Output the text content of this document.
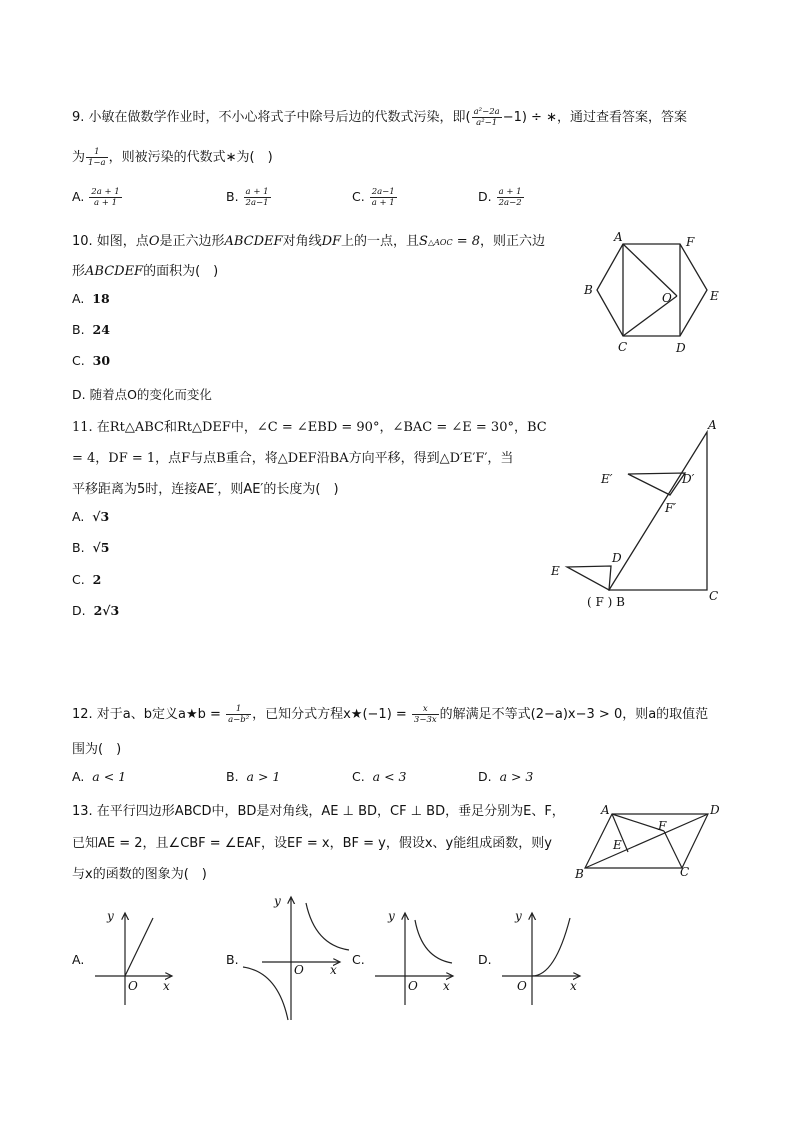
9. 小敏在做数学作业时，不小心将式子中除号后边的代数式污染，即( $\frac{\text{a²−2a}}{\text{a²−1}} -1$) ÷ ∗，通过查看答案，答案
为 $\frac{1}{1-a}$ ，则被污染的代数式∗为(　)
A. $\frac{2a + 1}{a + 1}$	B. $\frac{a + 1}{2a-1}$	C. $\frac{2a-1}{a + 1}$	D. $\frac{a + 1}{2a-2}$
10. 如图，点O是正六边形ABCDEF对角线DF上的一点，且S△AOC = 8，则正六边
形ABCDEF的面积为(　)
A. 18
B. 24
C. 30
D. 随着点O的变化而变化
A	F
B
O	E
C	D
11. 在Rt△ABC和Rt△DEF中，∠C = ∠EBD = 90°，∠BAC = ∠E = 30°，BC
= 4，DF = 1，点F与点B重合，将△DEF沿BA方向平移，得到△D′E′F′，当
平移距离为5时，连接AE′，则AE′的长度为(　)
A. √3
B. √5
C. 2
D. 2√3
A
E′	D′
F′
D
E
( F ) B	C
12. 对于a、b定义a★b = $\frac{1}{\text{a−b²}}$ ，已知分式方程x★(−1) = $\frac{x}{3-3x}$ 的解满足不等式(2−a)x−3 > 0，则a的取值范
围为(　)
A. a < 1	B. a > 1	C. a < 3	D. a > 3
13. 在平行四边形ABCD中，BD是对角线，AE ⊥ BD，CF ⊥ BD，垂足分别为E、F，
已知AE = 2，且∠CBF = ∠EAF，设EF = x，BF = y，假设x、y能组成函数，则y
与x的函数的图象为(　)
A	D
F
E
B	C
A.	B.	C.	D.
y
x
O
y
x
O
y
x
O
y
x
O
